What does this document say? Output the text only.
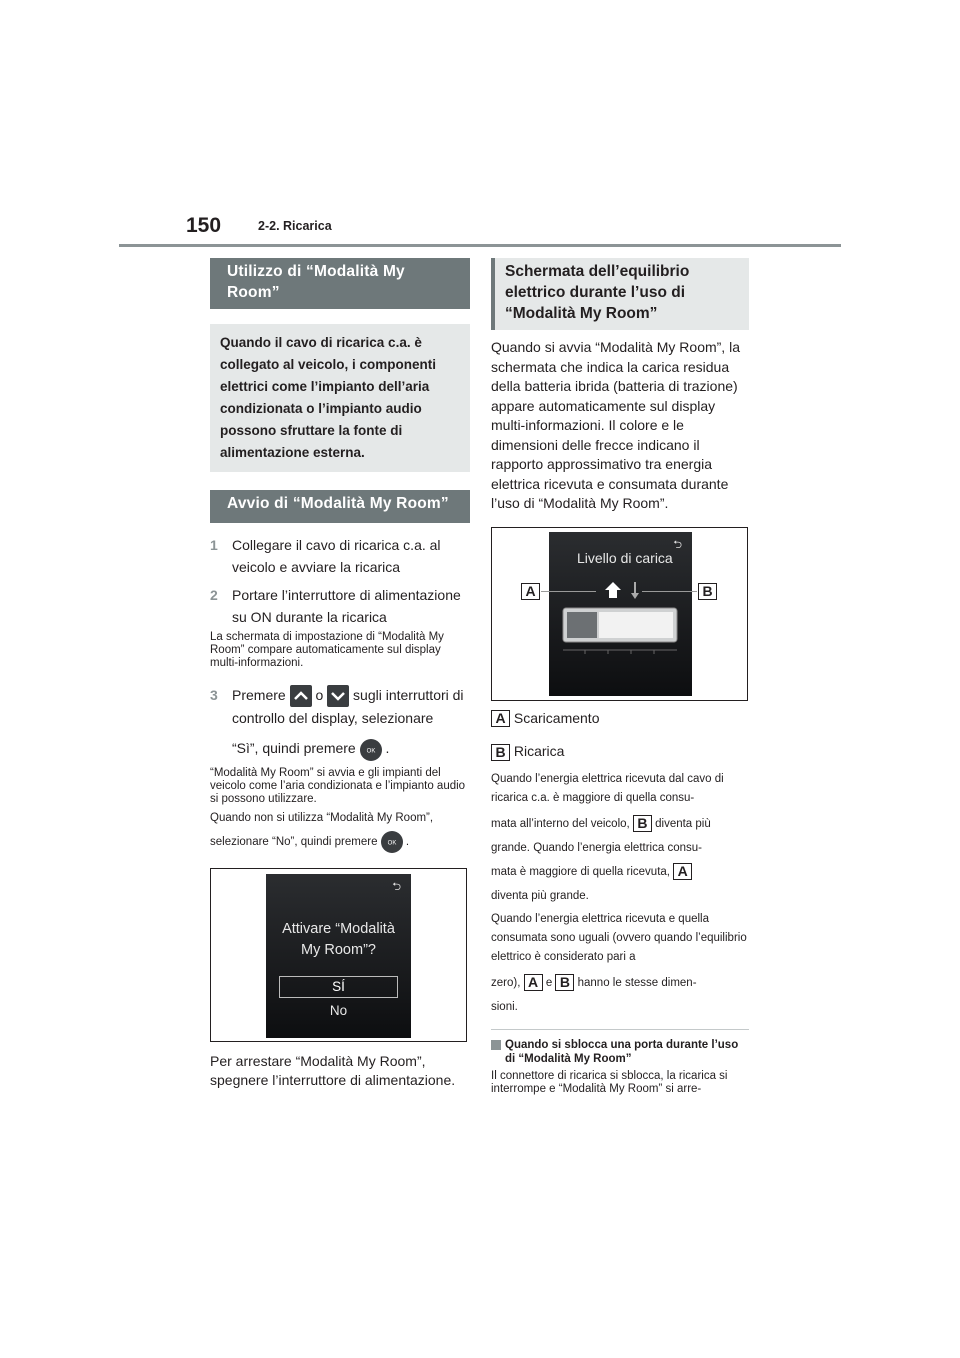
150	2-2. Ricarica
Utilizzo di “Modalità My Room”
Quando il cavo di ricarica c.a. è collegato al veicolo, i componenti elettrici come l’impianto dell’aria condizionata o l’impianto audio possono sfruttare la fonte di alimentazione esterna.
Avvio di “Modalità My Room”
1 Collegare il cavo di ricarica c.a. al veicolo e avviare la ricarica
2 Portare l’interruttore di alimentazione su ON durante la ricarica
La schermata di impostazione di “Modalità My Room” compare automaticamente sul display multi-informazioni.
3 Premere o sugli interruttori di controllo del display, selezionare
“Sì”, quindi premere OK .
“Modalità My Room” si avvia e gli impianti del veicolo come l’aria condizionata e l’impianto audio si possono utilizzare.
Quando non si utilizza “Modalità My Room”,
selezionare “No”, quindi premere OK .
⮌
Attivare “Modalità
My Room”?
SÍ
No
Per arrestare “Modalità My Room”, spegnere l’interruttore di alimentazione.
Schermata dell’equilibrio elettrico durante l’uso di “Modalità My Room”
Quando si avvia “Modalità My Room”, la schermata che indica la carica residua della batteria ibrida (batteria di trazione) appare automaticamente sul display multi-informazioni. Il colore e le dimensioni delle frecce indicano il rapporto approssimativo tra energia elettrica ricevuta e consumata durante l’uso di “Modalità My Room”.
⮌
Livello di carica
A	B
A Scaricamento
B Ricarica
Quando l’energia elettrica ricevuta dal cavo di ricarica c.a. è maggiore di quella consu-
mata all’interno del veicolo, B diventa più
grande. Quando l’energia elettrica consu-
mata è maggiore di quella ricevuta, A
diventa più grande.
Quando l’energia elettrica ricevuta e quella consumata sono uguali (ovvero quando l’equilibrio elettrico è considerato pari a
zero), A e B hanno le stesse dimen-
sioni.
Quando si sblocca una porta durante l’uso di “Modalità My Room”
Il connettore di ricarica si sblocca, la ricarica si interrompe e “Modalità My Room” si arre-
